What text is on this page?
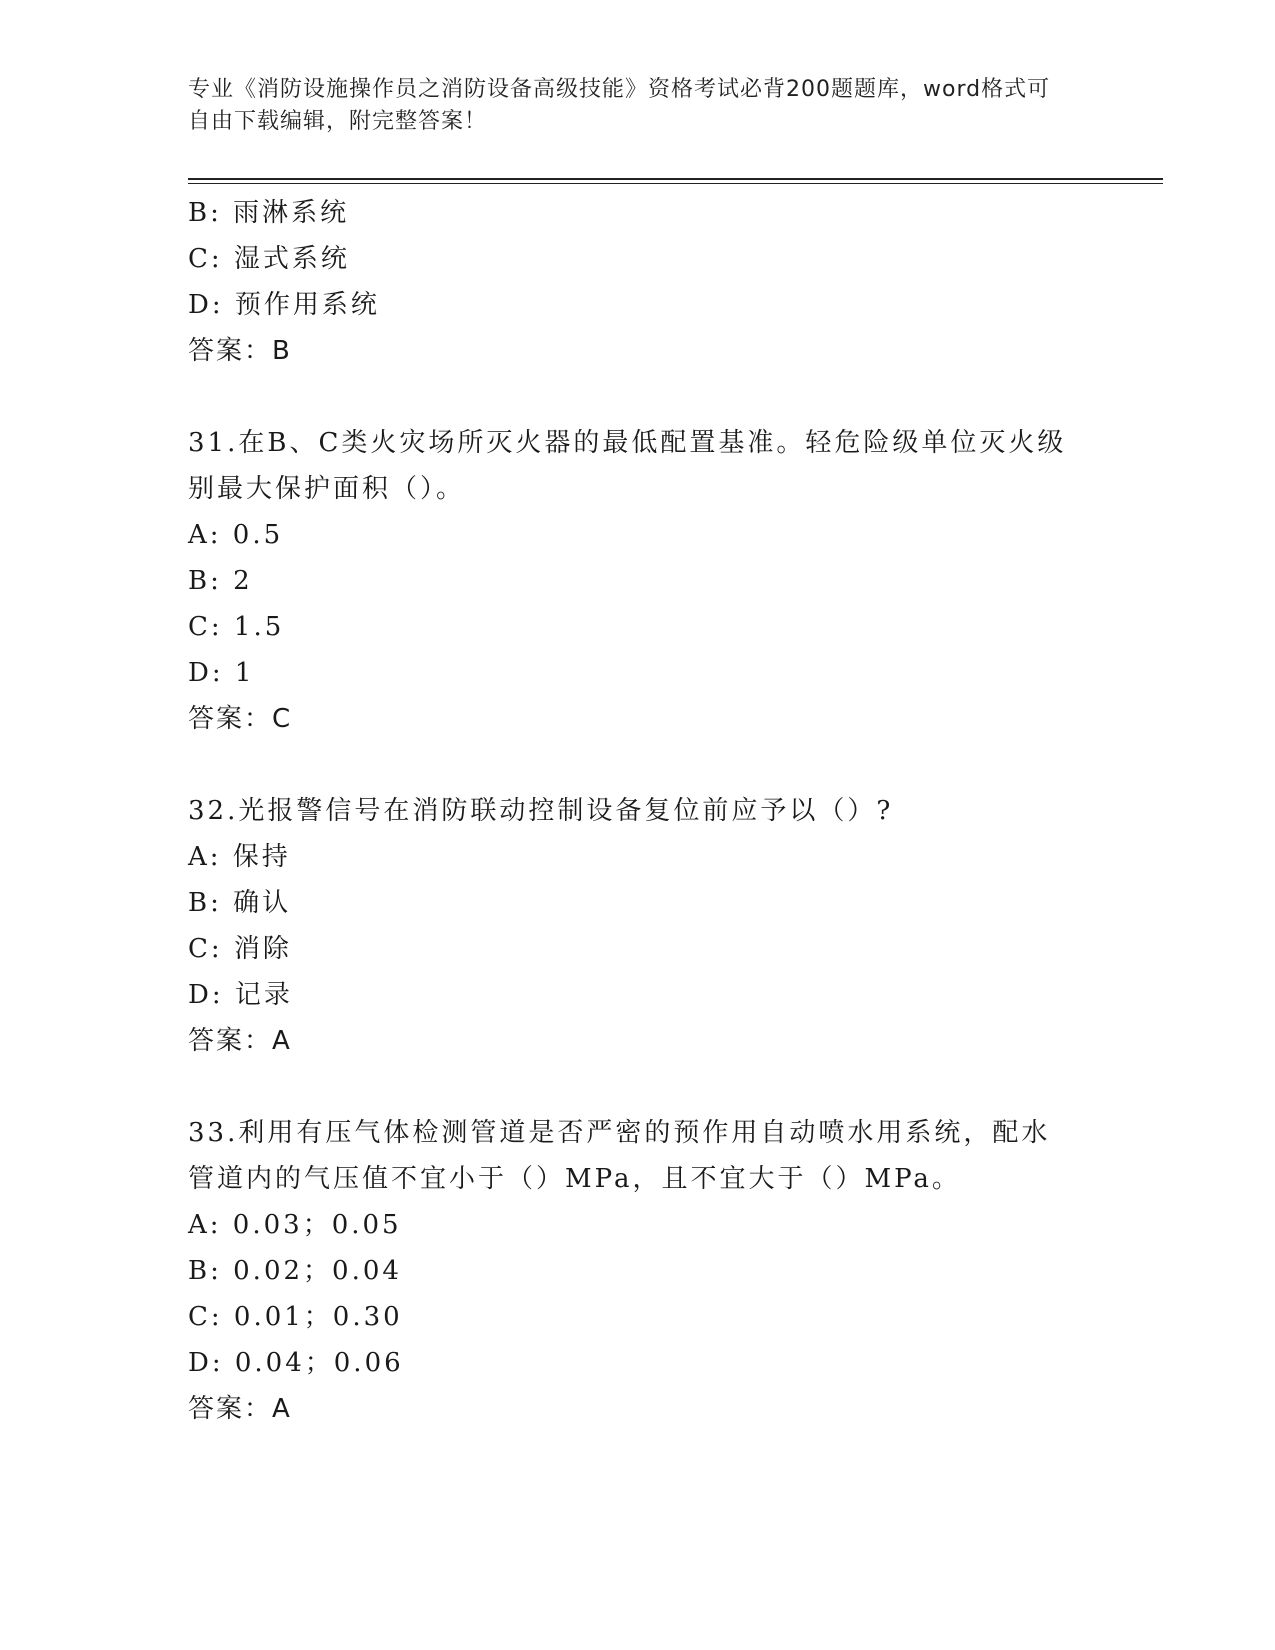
专业《消防设施操作员之消防设备高级技能》资格考试必背200题题库，word格式可自由下载编辑，附完整答案！
B: 雨淋系统
C: 湿式系统
D: 预作用系统
答案：B
31.在B、C类火灾场所灭火器的最低配置基准。轻危险级单位灭火级别最大保护面积（）。
A: 0.5
B: 2
C: 1.5
D: 1
答案：C
32.光报警信号在消防联动控制设备复位前应予以（）?
A: 保持
B: 确认
C: 消除
D: 记录
答案：A
33.利用有压气体检测管道是否严密的预作用自动喷水用系统，配水管道内的气压值不宜小于（）MPa，且不宜大于（）MPa。
A: 0.03；0.05
B: 0.02；0.04
C: 0.01；0.30
D: 0.04；0.06
答案：A
